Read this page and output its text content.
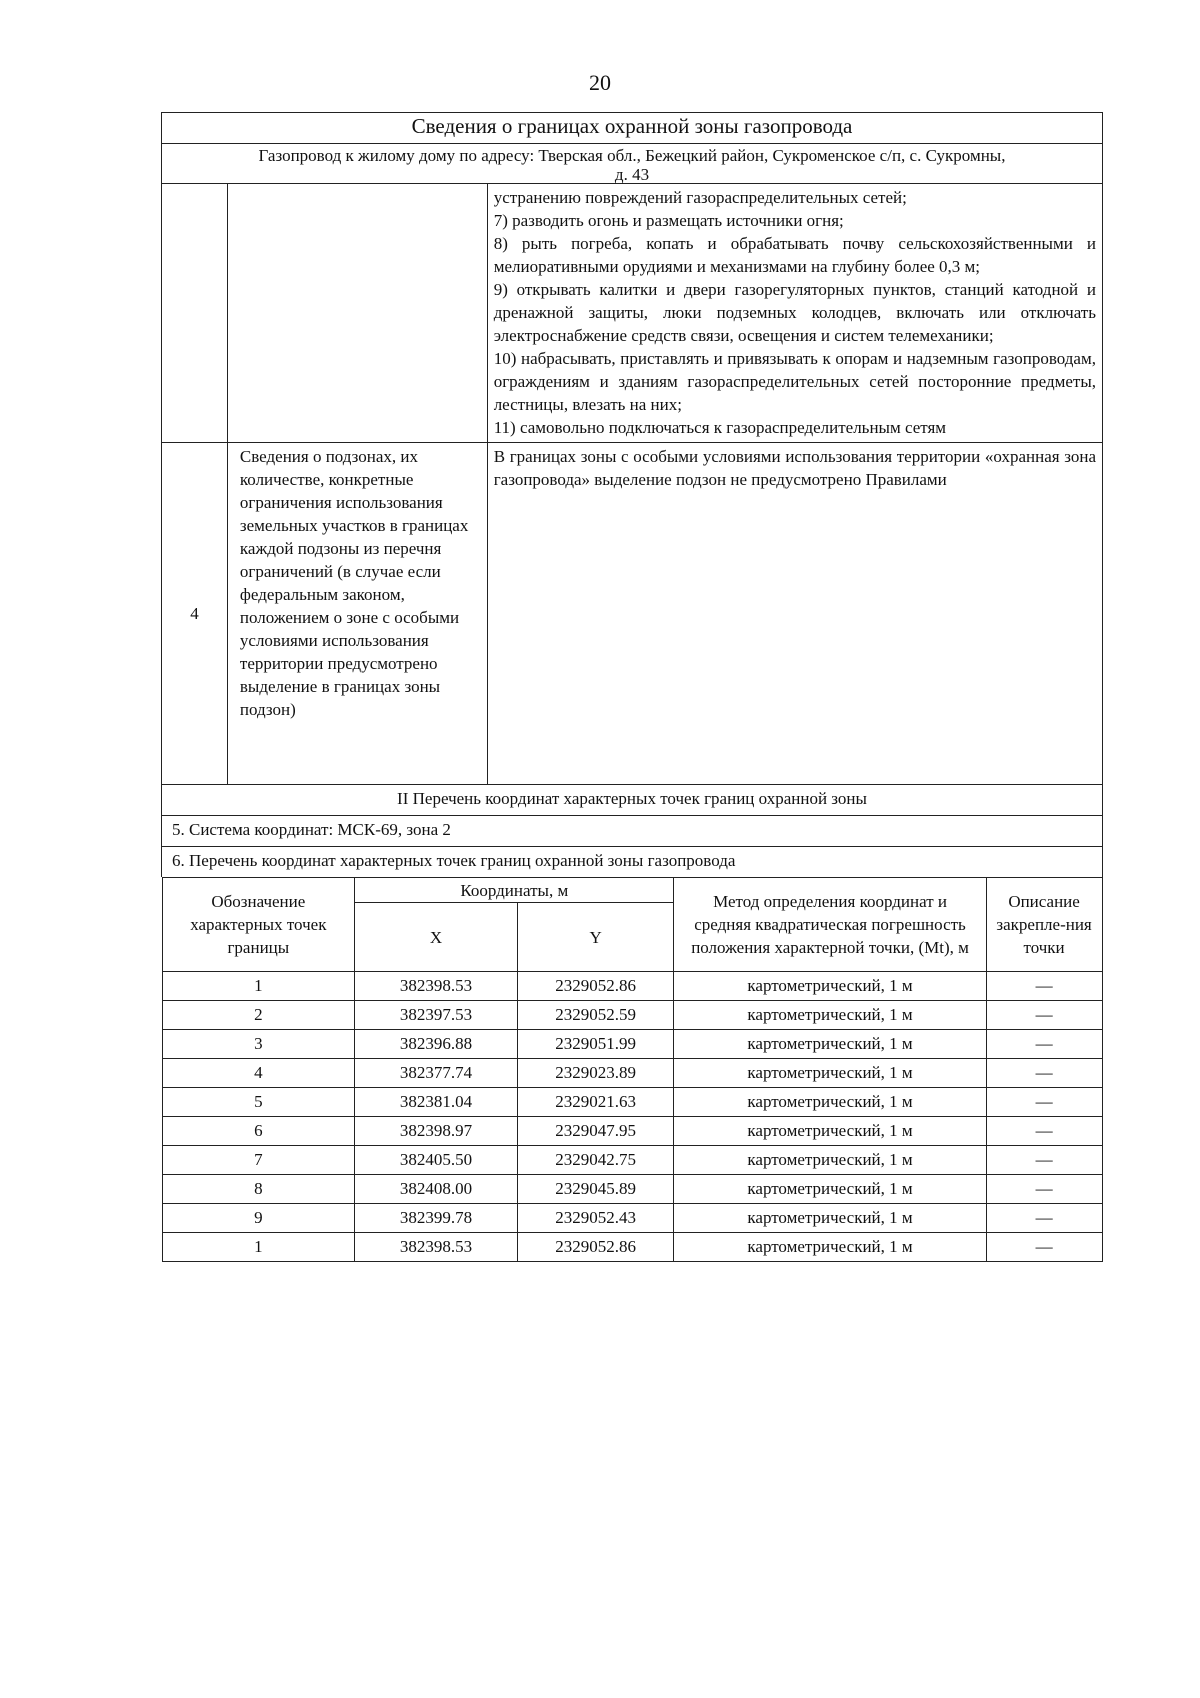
20
Сведения о границах охранной зоны газопровода

Газопровод к жилому дому по адресу: Тверская обл., Бежецкий район, Сукроменское с/п, с. Сукромны,
д. 43

устранению повреждений газораспределительных сетей;

7) разводить огонь и размещать источники огня;

8) рыть погреба, копать и обрабатывать почву сельскохозяйственными и мелиоративными орудиями и механизмами на глубину более 0,3 м;

9) открывать калитки и двери газорегуляторных пунктов, станций катодной и дренажной защиты, люки подземных колодцев, включать или отключать электроснабжение средств связи, освещения и систем телемеханики;

10) набрасывать, приставлять и привязывать к опорам и надземным газопроводам, ограждениям и зданиям газораспределительных сетей посторонние предметы, лестницы, влезать на них;

11) самовольно подключаться к газораспределительным сетям

4	Сведения о подзонах, их количестве, конкретные ограничения использования земельных участков в границах каждой подзоны из перечня ограничений (в случае если федеральным законом, положением о зоне с особыми условиями использования территории предусмотрено выделение в границах зоны подзон)	

В границах зоны с особыми условиями использования территории «охранная зона газопровода» выделение подзон не предусмотрено Правилами

II Перечень координат характерных точек границ охранной зоны
5. Система координат: МСК-69, зона 2
6. Перечень координат характерных точек границ охранной зоны газопровода

Обозначение характерных точек границы	Координаты, м	Метод определения координат и средняя квадратическая погрешность положения характерной точки, (Mt), м	Описание закрепле-ния точки
X	Y
1	382398.53	2329052.86	картометрический, 1 м	—
2	382397.53	2329052.59	картометрический, 1 м	—
3	382396.88	2329051.99	картометрический, 1 м	—
4	382377.74	2329023.89	картометрический, 1 м	—
5	382381.04	2329021.63	картометрический, 1 м	—
6	382398.97	2329047.95	картометрический, 1 м	—
7	382405.50	2329042.75	картометрический, 1 м	—
8	382408.00	2329045.89	картометрический, 1 м	—
9	382399.78	2329052.43	картометрический, 1 м	—
1	382398.53	2329052.86	картометрический, 1 м	—
